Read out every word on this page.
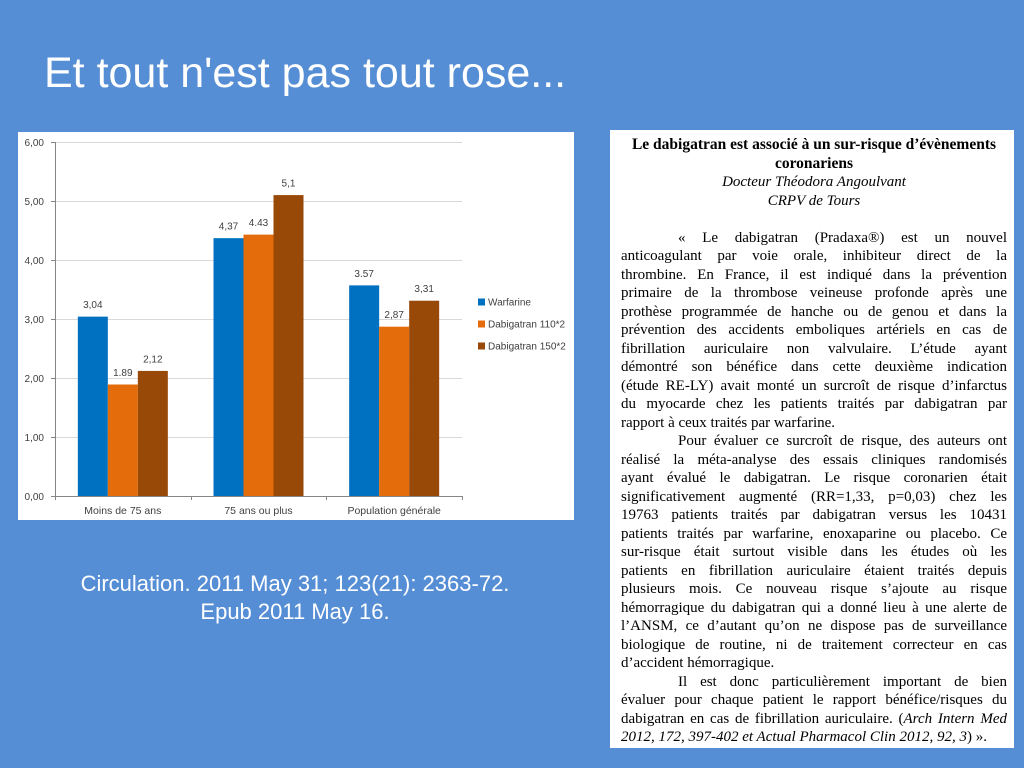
Et tout n'est pas tout rose...
0,00
1,00
2,00
3,00
4,00
5,00
6,00
3,04
1.89
2,12
Moins de 75 ans
4,37 4.43
5,1
75 ans ou plus
3.57
2,87
3,31
Population générale
Warfarine
Dabigatran 110*2
Dabigatran 150*2
Circulation. 2011 May 31; 123(21): 2363-72.
Epub 2011 May 16.
Le dabigatran est associé à un sur-risque d’évènements
coronariens
Docteur Théodora Angoulvant
CRPV de Tours
« Le dabigatran (Pradaxa®) est un nouvel
anticoagulant par voie orale, inhibiteur direct de la
thrombine. En France, il est indiqué dans la prévention
primaire de la thrombose veineuse profonde après une
prothèse programmée de hanche ou de genou et dans la
prévention des accidents emboliques artériels en cas de
fibrillation auriculaire non valvulaire. L’étude ayant
démontré son bénéfice dans cette deuxième indication
(étude RE-LY) avait monté un surcroît de risque d’infarctus
du myocarde chez les patients traités par dabigatran par
rapport à ceux traités par warfarine.
Pour évaluer ce surcroît de risque, des auteurs ont
réalisé la méta-analyse des essais cliniques randomisés
ayant évalué le dabigatran. Le risque coronarien était
significativement augmenté (RR=1,33, p=0,03) chez les
19763 patients traités par dabigatran versus les 10431
patients traités par warfarine, enoxaparine ou placebo. Ce
sur-risque était surtout visible dans les études où les
patients en fibrillation auriculaire étaient traités depuis
plusieurs mois. Ce nouveau risque s’ajoute au risque
hémorragique du dabigatran qui a donné lieu à une alerte de
l’ANSM, ce d’autant qu’on ne dispose pas de surveillance
biologique de routine, ni de traitement correcteur en cas
d’accident hémorragique.
Il est donc particulièrement important de bien
évaluer pour chaque patient le rapport bénéfice/risques du
dabigatran en cas de fibrillation auriculaire. (Arch Intern Med
2012, 172, 397-402 et Actual Pharmacol Clin 2012, 92, 3) ».
